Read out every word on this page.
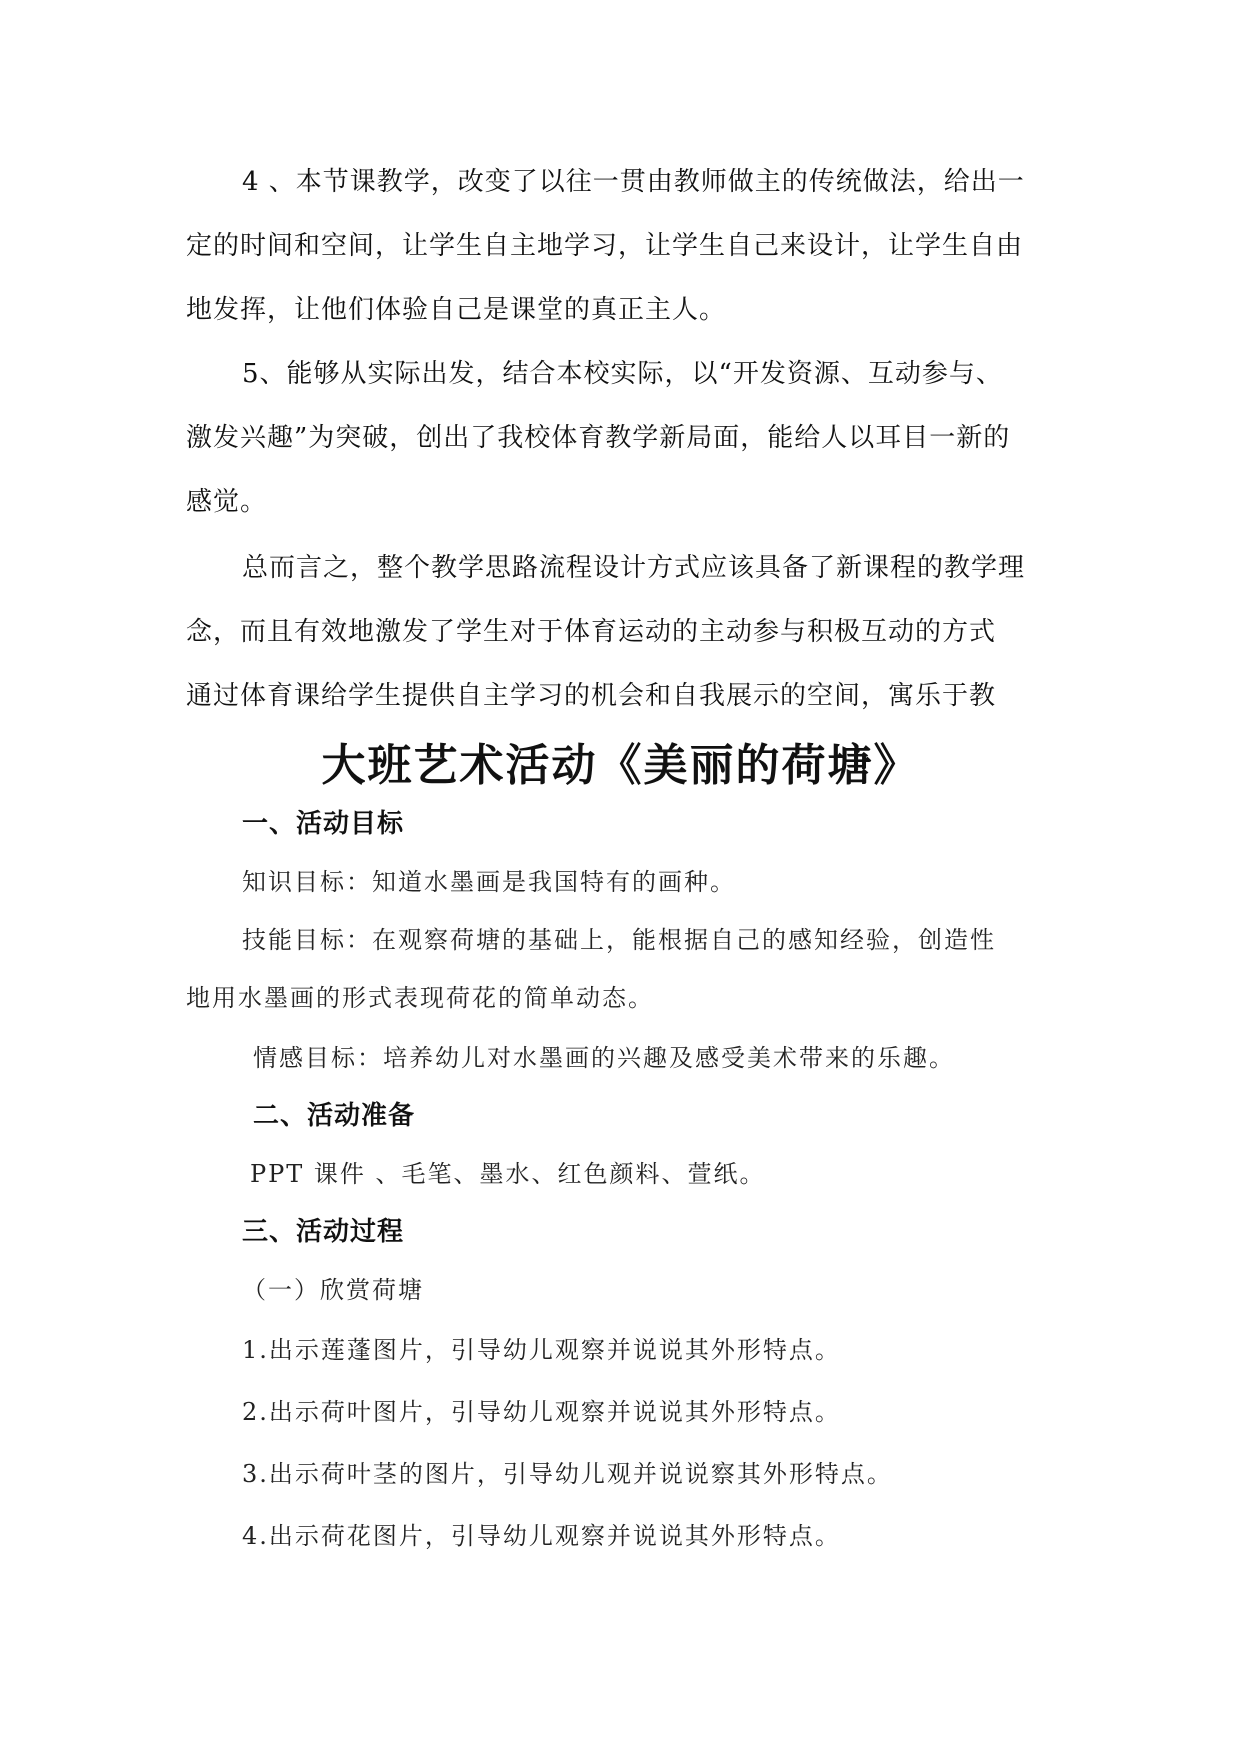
4 、本节课教学，改变了以往一贯由教师做主的传统做法，给出一

定的时间和空间，让学生自主地学习，让学生自己来设计，让学生自由

地发挥，让他们体验自己是课堂的真正主人。

5、能够从实际出发，结合本校实际，以“开发资源、互动参与、

激发兴趣”为突破，创出了我校体育教学新局面，能给人以耳目一新的

感觉。

总而言之，整个教学思路流程设计方式应该具备了新课程的教学理

念，而且有效地激发了学生对于体育运动的主动参与积极互动的方式

通过体育课给学生提供自主学习的机会和自我展示的空间，寓乐于教

大班艺术活动《美丽的荷塘》
一、活动目标

知识目标：知道水墨画是我国特有的画种。

技能目标：在观察荷塘的基础上，能根据自己的感知经验，创造性

地用水墨画的形式表现荷花的简单动态。

情感目标：培养幼儿对水墨画的兴趣及感受美术带来的乐趣。

二、活动准备

PPT 课件 、毛笔、墨水、红色颜料、萱纸。

三、活动过程

（一）欣赏荷塘

1.出示莲蓬图片，引导幼儿观察并说说其外形特点。

2.出示荷叶图片，引导幼儿观察并说说其外形特点。

3.出示荷叶茎的图片，引导幼儿观并说说察其外形特点。

4.出示荷花图片，引导幼儿观察并说说其外形特点。
